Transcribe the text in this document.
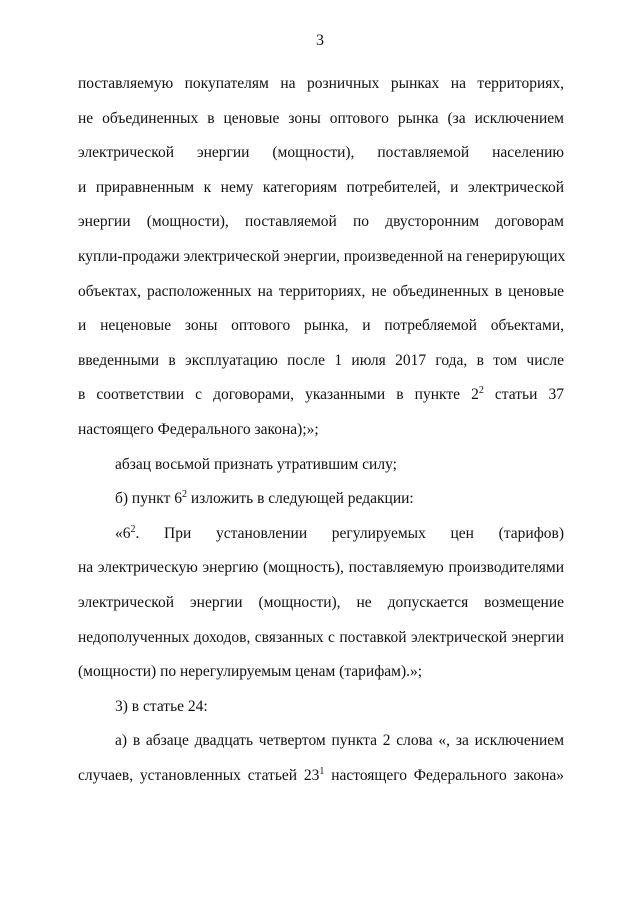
3
поставляемую покупателям на розничных рынках на территориях,
не объединенных в ценовые зоны оптового рынка (за исключением
электрической энергии (мощности), поставляемой населению
и приравненным к нему категориям потребителей, и электрической
энергии (мощности), поставляемой по двусторонним договорам
купли-продажи электрической энергии, произведенной на генерирующих
объектах, расположенных на территориях, не объединенных в ценовые
и неценовые зоны оптового рынка, и потребляемой объектами,
введенными в эксплуатацию после 1 июля 2017 года, в том числе
в соответствии с договорами, указанными в пункте $2^2$ статьи 37
настоящего Федерального закона);»;
абзац восьмой признать утратившим силу;
б) пункт $6^2$ изложить в следующей редакции:
«$6^2$. При установлении регулируемых цен (тарифов)
на электрическую энергию (мощность), поставляемую производителями
электрической энергии (мощности), не допускается возмещение
недополученных доходов, связанных с поставкой электрической энергии
(мощности) по нерегулируемым ценам (тарифам).»;
3) в статье 24:
а) в абзаце двадцать четвертом пункта 2 слова «, за исключением
случаев, установленных статьей $23^1$ настоящего Федерального закона»
